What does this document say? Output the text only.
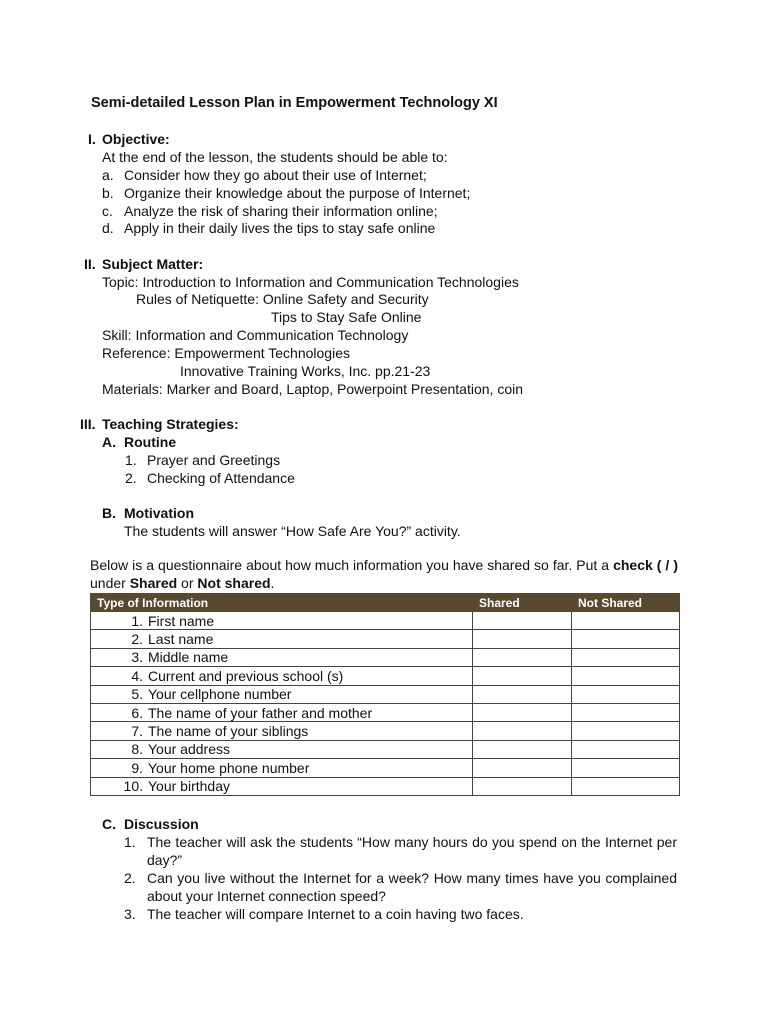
Semi-detailed Lesson Plan in Empowerment Technology XI
I. Objective:
At the end of the lesson, the students should be able to:
a. Consider how they go about their use of Internet;
b. Organize their knowledge about the purpose of Internet;
c. Analyze the risk of sharing their information online;
d. Apply in their daily lives the tips to stay safe online
II. Subject Matter:
Topic: Introduction to Information and Communication Technologies
Rules of Netiquette: Online Safety and Security
Tips to Stay Safe Online
Skill: Information and Communication Technology
Reference: Empowerment Technologies
Innovative Training Works, Inc. pp.21-23
Materials: Marker and Board, Laptop, Powerpoint Presentation, coin
III. Teaching Strategies:
A. Routine
1. Prayer and Greetings
2. Checking of Attendance
B. Motivation
The students will answer “How Safe Are You?” activity.
Below is a questionnaire about how much information you have shared so far. Put a check ( / ) under Shared or Not shared.
Type of Information	Shared	Not Shared
1. First name		
2. Last name		
3. Middle name		
4. Current and previous school (s)		
5. Your cellphone number		
6. The name of your father and mother		
7. The name of your siblings		
8. Your address		
9. Your home phone number		
10. Your birthday		
C. Discussion
1. The teacher will ask the students “How many hours do you spend on the Internet per day?”
2. Can you live without the Internet for a week? How many times have you complained about your Internet connection speed?
3. The teacher will compare Internet to a coin having two faces.
